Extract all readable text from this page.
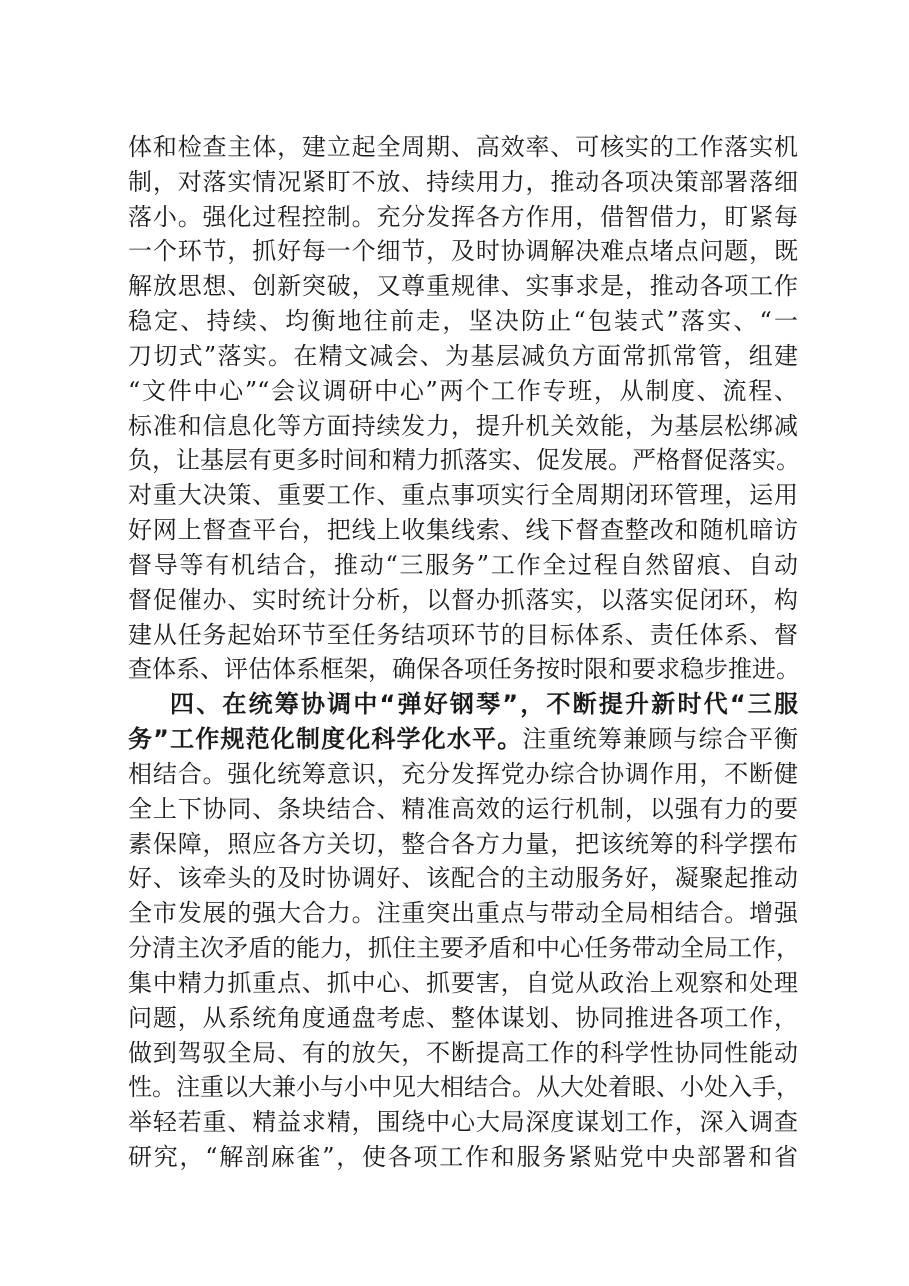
体和检查主体，建立起全周期、高效率、可核实的工作落实机
制，对落实情况紧盯不放、持续用力，推动各项决策部署落细
落小。强化过程控制。充分发挥各方作用，借智借力，盯紧每
一个环节，抓好每一个细节，及时协调解决难点堵点问题，既
解放思想、创新突破，又尊重规律、实事求是，推动各项工作
稳定、持续、均衡地往前走，坚决防止“包装式”落实、“一
刀切式”落实。在精文减会、为基层减负方面常抓常管，组建
“文件中心”“会议调研中心”两个工作专班，从制度、流程、
标准和信息化等方面持续发力，提升机关效能，为基层松绑减
负，让基层有更多时间和精力抓落实、促发展。严格督促落实。
对重大决策、重要工作、重点事项实行全周期闭环管理，运用
好网上督查平台，把线上收集线索、线下督查整改和随机暗访
督导等有机结合，推动“三服务”工作全过程自然留痕、自动
督促催办、实时统计分析，以督办抓落实，以落实促闭环，构
建从任务起始环节至任务结项环节的目标体系、责任体系、督
查体系、评估体系框架，确保各项任务按时限和要求稳步推进。
四、在统筹协调中“弹好钢琴”，不断提升新时代“三服
务”工作规范化制度化科学化水平。注重统筹兼顾与综合平衡
相结合。强化统筹意识，充分发挥党办综合协调作用，不断健
全上下协同、条块结合、精准高效的运行机制，以强有力的要
素保障，照应各方关切，整合各方力量，把该统筹的科学摆布
好、该牵头的及时协调好、该配合的主动服务好，凝聚起推动
全市发展的强大合力。注重突出重点与带动全局相结合。增强
分清主次矛盾的能力，抓住主要矛盾和中心任务带动全局工作，
集中精力抓重点、抓中心、抓要害，自觉从政治上观察和处理
问题，从系统角度通盘考虑、整体谋划、协同推进各项工作，
做到驾驭全局、有的放矢，不断提高工作的科学性协同性能动
性。注重以大兼小与小中见大相结合。从大处着眼、小处入手，
举轻若重、精益求精，围绕中心大局深度谋划工作，深入调查
研究，“解剖麻雀”，使各项工作和服务紧贴党中央部署和省
